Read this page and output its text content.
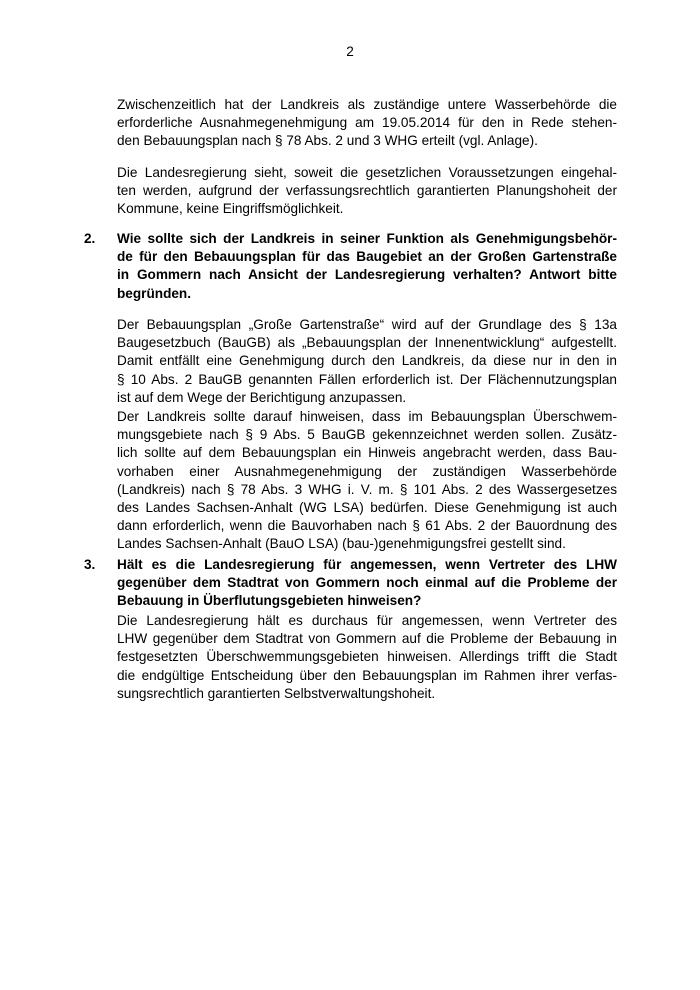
2
Zwischenzeitlich hat der Landkreis als zuständige untere Wasserbehörde die
erforderliche Ausnahmegenehmigung am 19.05.2014 für den in Rede stehen-
den Bebauungsplan nach § 78 Abs. 2 und 3 WHG erteilt (vgl. Anlage).
Die Landesregierung sieht, soweit die gesetzlichen Voraussetzungen eingehal-
ten werden, aufgrund der verfassungsrechtlich garantierten Planungshoheit der
Kommune, keine Eingriffsmöglichkeit.
2. Wie sollte sich der Landkreis in seiner Funktion als Genehmigungsbehör-
de für den Bebauungsplan für das Baugebiet an der Großen Gartenstraße
in Gommern nach Ansicht der Landesregierung verhalten? Antwort bitte
begründen.
Der Bebauungsplan „Große Gartenstraße“ wird auf der Grundlage des § 13a
Baugesetzbuch (BauGB) als „Bebauungsplan der Innenentwicklung“ aufgestellt.
Damit entfällt eine Genehmigung durch den Landkreis, da diese nur in den in
§ 10 Abs. 2 BauGB genannten Fällen erforderlich ist. Der Flächennutzungsplan
ist auf dem Wege der Berichtigung anzupassen.
Der Landkreis sollte darauf hinweisen, dass im Bebauungsplan Überschwem-
mungsgebiete nach § 9 Abs. 5 BauGB gekennzeichnet werden sollen. Zusätz-
lich sollte auf dem Bebauungsplan ein Hinweis angebracht werden, dass Bau-
vorhaben einer Ausnahmegenehmigung der zuständigen Wasserbehörde
(Landkreis) nach § 78 Abs. 3 WHG i. V. m. § 101 Abs. 2 des Wassergesetzes
des Landes Sachsen-Anhalt (WG LSA) bedürfen. Diese Genehmigung ist auch
dann erforderlich, wenn die Bauvorhaben nach § 61 Abs. 2 der Bauordnung des
Landes Sachsen-Anhalt (BauO LSA) (bau-)genehmigungsfrei gestellt sind.
3. Hält es die Landesregierung für angemessen, wenn Vertreter des LHW
gegenüber dem Stadtrat von Gommern noch einmal auf die Probleme der
Bebauung in Überflutungsgebieten hinweisen?
Die Landesregierung hält es durchaus für angemessen, wenn Vertreter des
LHW gegenüber dem Stadtrat von Gommern auf die Probleme der Bebauung in
festgesetzten Überschwemmungsgebieten hinweisen. Allerdings trifft die Stadt
die endgültige Entscheidung über den Bebauungsplan im Rahmen ihrer verfas-
sungsrechtlich garantierten Selbstverwaltungshoheit.
